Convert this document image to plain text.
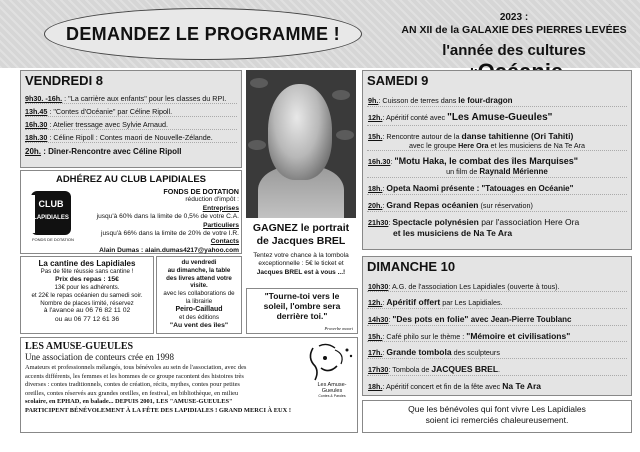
DEMANDEZ LE PROGRAMME !
2023 :
AN XII de la GALAXIE DES PIERRES LEVÉES
l'année des cultures
VENDREDI 8
9h30. -16h. : "La carrière aux enfants" pour les classes du RPI.
13h.45 : "Contes d'Océanie" par Céline Ripoll.
16h.30 : Atelier tressage avec Sylvie Arnaud.
18h.30 : Céline Ripoll : Contes maori de Nouvelle-Zélande.
20h. : Dîner-Rencontre avec Céline Ripoll
ADHÉREZ AU CLUB LAPIDIALES
CLUB
LAPIDIALES
FONDS DE DOTATION
FONDS DE DOTATION
réduction d'impôt :
Entreprises
jusqu'à 60% dans la limite de 0,5% de votre C.A.
Particuliers
jusqu'à 66% dans la limite de 20% de votre I.R.
Contacts
Alain Dumas : alain.dumas4217@yahoo.com
La cantine des Lapidiales
Pas de fête réussie sans cantine !
Prix des repas : 15€
13€ pour les adhérents.
et 22€ le repas océanien du samedi soir.
Nombre de places limité, réservez
à l'avance au 06 76 82 11 02
ou au 06 77 12 61 36
du vendredi
au dimanche, la table
des livres attend votre
visite.
avec les collaborations de
la librairie
Peiro-Caillaud
et des éditions
"Au vent des îles"
GAGNEZ le portrait
de Jacques BREL
Tentez votre chance à la tombola
exceptionnelle : 5€ le ticket et
Jacques BREL est à vous ...!
"Tourne-toi vers le
soleil, l'ombre sera
derrière toi."
Proverbe maori
LES AMUSE-GUEULES
Une association de conteurs crée en 1998
Amateurs et professionnels mélangés, tous bénévoles au sein de l'association, avec des
accents différents, les femmes et les hommes de ce groupe racontent des histoires très
diverses : contes traditionnels, contes de création, récits, mythes, contes pour petites
oreilles, contes réservés aux grandes oreilles, en festival, en bibliothèque, en milieu
scolaire, en EPHAD, en balade... DEPUIS 2001, LES "AMUSE-GUEULES"
PARTICIPENT BÉNÉVOLEMENT À LA FÊTE DES LAPIDIALES ! GRAND MERCI À EUX !
Les Amuse-Gueules
Contes & Paroles
SAMEDI 9
9h.: Cuisson de terres dans le four-dragon
12h.: Apéritif conté avec "Les Amuse-Gueules"
15h.: Rencontre autour de la danse tahitienne (Ori Tahiti)
avec le groupe Here Ora et les musiciens de Na Te Ara
16h.30: "Motu Haka, le combat des îles Marquises"
un film de Raynald Mérienne
18h.: Opeta Naomi présente : "Tatouages en Océanie"
20h.: Grand Repas océanien (sur réservation)
21h30: Spectacle polynésien par l'association Here Ora
et les musiciens de Na Te Ara
DIMANCHE 10
10h30: A.G. de l'association Les Lapidiales (ouverte à tous).
12h.: Apéritif offert par Les Lapidiales.
14h30: "Des pots en folie" avec Jean-Pierre Toublanc
15h.: Café philo sur le thème : "Mémoire et civilisations"
17h.: Grande tombola des sculpteurs
17h30: Tombola de JACQUES BREL.
18h.: Apéritif concert et fin de la fête avec Na Te Ara
Que les bénévoles qui font vivre Les Lapidiales
soient ici remerciés chaleureusement.
